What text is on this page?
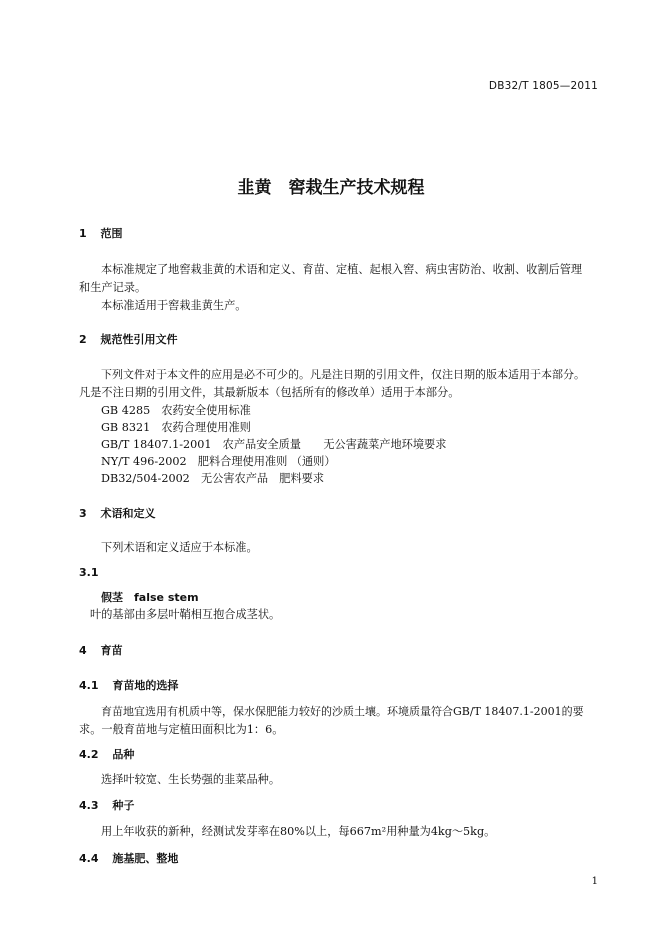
DB32/T 1805—2011
韭黄　窖栽生产技术规程
1 范围
本标准规定了地窖栽韭黄的术语和定义、育苗、定植、起根入窖、病虫害防治、收割、收割后管理
和生产记录。
本标准适用于窖栽韭黄生产。
2 规范性引用文件
下列文件对于本文件的应用是必不可少的。凡是注日期的引用文件，仅注日期的版本适用于本部分。
凡是不注日期的引用文件，其最新版本（包括所有的修改单）适用于本部分。
GB 4285　农药安全使用标准
GB 8321　农药合理使用准则
GB/T 18407.1-2001　农产品安全质量　　无公害蔬菜产地环境要求
NY/T 496-2002　肥料合理使用准则 （通则）
DB32/504-2002　无公害农产品　肥料要求
3 术语和定义
下列术语和定义适应于本标准。
3.1
假茎　false stem
叶的基部由多层叶鞘相互抱合成茎状。
4 育苗
4.1 育苗地的选择
育苗地宜选用有机质中等，保水保肥能力较好的沙质土壤。环境质量符合GB/T 18407.1-2001的要
求。一般育苗地与定植田面积比为1：6。
4.2 品种
选择叶较宽、生长势强的韭菜品种。
4.3 种子
用上年收获的新种，经测试发芽率在80%以上，每667m²用种量为4kg～5kg。
4.4 施基肥、整地
1
